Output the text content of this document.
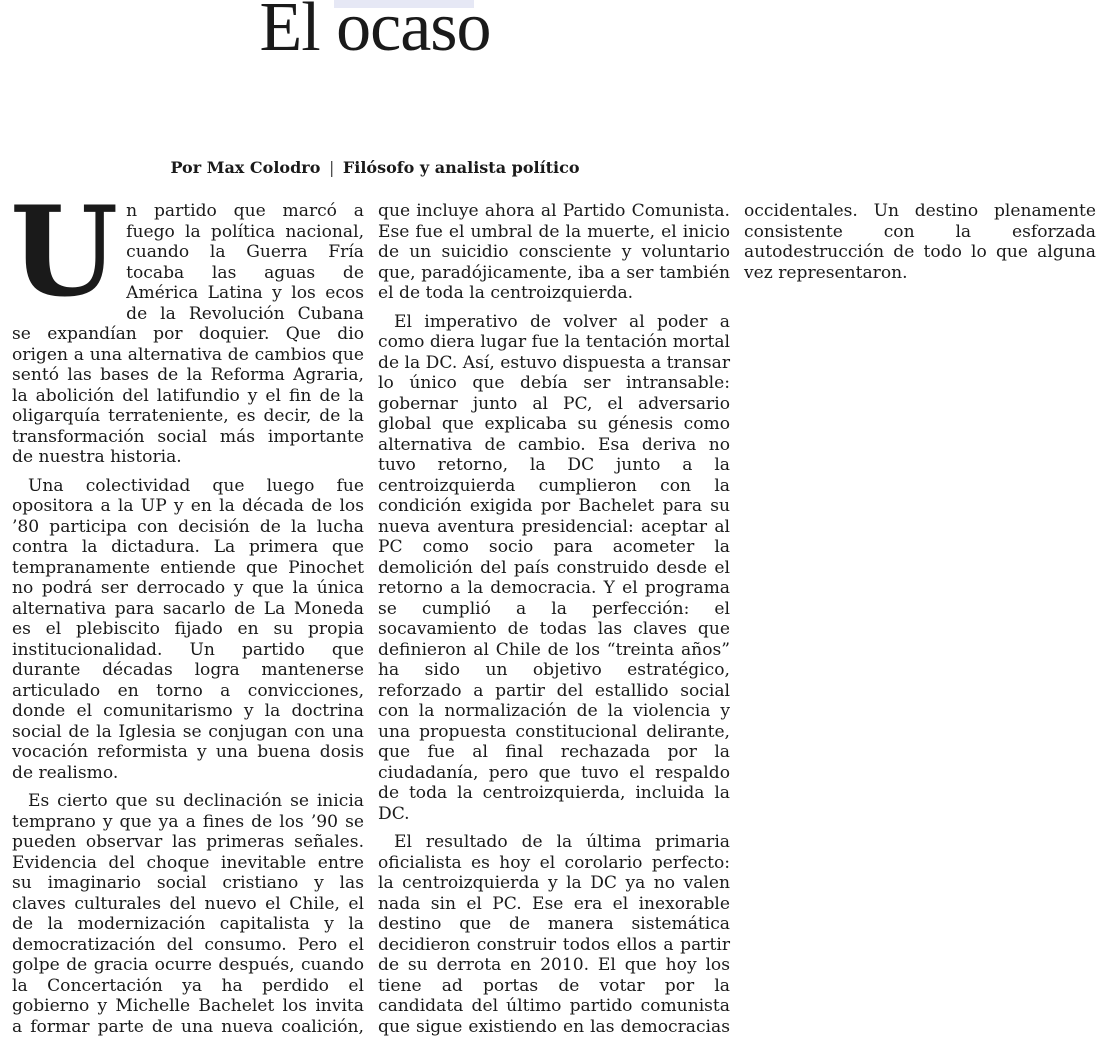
El ocaso
Por Max Colodro | Filósofo y analista político

Un partido que marcó a fuego la política nacional, cuando la Guerra Fría tocaba las aguas de América Latina y los ecos de la Revolución Cubana se expandían por doquier. Que dio origen a una alternativa de cambios que sentó las bases de la Reforma Agraria, la abolición del latifundio y el fin de la oligarquía terrateniente, es decir, de la transformación social más importante de nuestra historia.

Una colectividad que luego fue opositora a la UP y en la década de los ’80 participa con decisión de la lucha contra la dictadura. La primera que tempranamente entiende que Pinochet no podrá ser derrocado y que la única alternativa para sacarlo de La Moneda es el plebiscito fijado en su propia institucionalidad. Un partido que durante décadas logra mantenerse articulado en torno a convicciones, donde el comunitarismo y la doctrina social de la Iglesia se conjugan con una vocación reformista y una buena dosis de realismo.

Es cierto que su declinación se inicia temprano y que ya a fines de los ’90 se pueden observar las primeras señales. Evidencia del choque inevitable entre su imaginario social cristiano y las claves culturales del nuevo el Chile, el de la modernización capitalista y la democratización del consumo. Pero el golpe de gracia ocurre después, cuando la Concertación ya ha perdido el gobierno y Michelle Bachelet los invita a formar parte de una nueva coalición, que incluye ahora al Partido Comunista. Ese fue el umbral de la muerte, el inicio de un suicidio consciente y voluntario que, paradójicamente, iba a ser también el de toda la centroizquierda.

El imperativo de volver al poder a como diera lugar fue la tentación mortal de la DC. Así, estuvo dispuesta a transar lo único que debía ser intransable: gobernar junto al PC, el adversario global que explicaba su génesis como alternativa de cambio. Esa deriva no tuvo retorno, la DC junto a la centroizquierda cumplieron con la condición exigida por Bachelet para su nueva aventura presidencial: aceptar al PC como socio para acometer la demolición del país construido desde el retorno a la democracia. Y el programa se cumplió a la perfección: el socavamiento de todas las claves que definieron al Chile de los “treinta años” ha sido un objetivo estratégico, reforzado a partir del estallido social con la normalización de la violencia y una propuesta constitucional delirante, que fue al final rechazada por la ciudadanía, pero que tuvo el respaldo de toda la centroizquierda, incluida la DC.

El resultado de la última primaria oficialista es hoy el corolario perfecto: la centroizquierda y la DC ya no valen nada sin el PC. Ese era el inexorable destino que de manera sistemática decidieron construir todos ellos a partir de su derrota en 2010. El que hoy los tiene ad portas de votar por la candidata del último partido comunista que sigue existiendo en las democracias occidentales. Un destino plenamente consistente con la esforzada autodestrucción de todo lo que alguna vez representaron.
